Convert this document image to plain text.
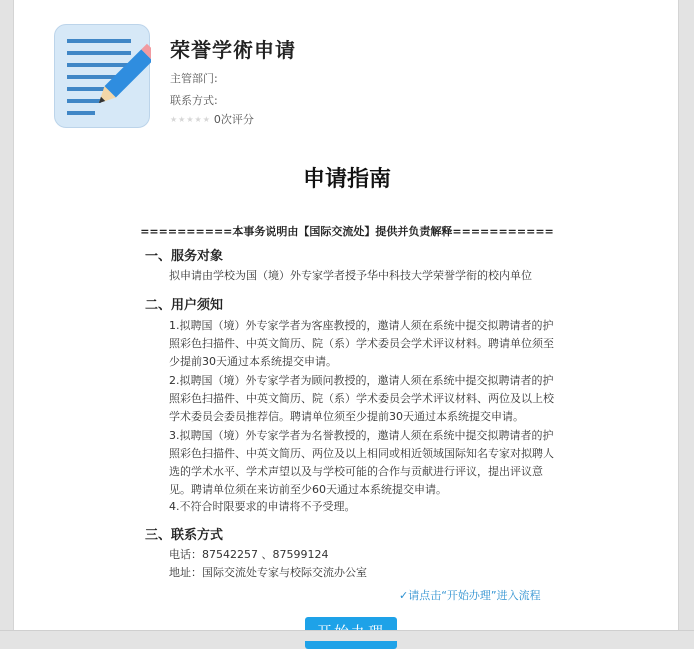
荣誉学術申请
主管部门:
联系方式:
★★★★★ 0次评分
申请指南
==========本事务说明由【国际交流处】提供并负责解释===========
一、服务对象
拟申请由学校为国（境）外专家学者授予华中科技大学荣誉学衔的校内单位
二、用户须知
1.拟聘国（境）外专家学者为客座教授的，邀请人须在系统中提交拟聘请者的护照彩色扫描件、中英文简历、院（系）学术委员会学术评议材料。聘请单位须至少提前30天通过本系统提交申请。
2.拟聘国（境）外专家学者为顾问教授的，邀请人须在系统中提交拟聘请者的护照彩色扫描件、中英文简历、院（系）学术委员会学术评议材料、两位及以上校学术委员会委员推荐信。聘请单位须至少提前30天通过本系统提交申请。
3.拟聘国（境）外专家学者为名誉教授的，邀请人须在系统中提交拟聘请者的护照彩色扫描件、中英文简历、两位及以上相同或相近领域国际知名专家对拟聘人选的学术水平、学术声望以及与学校可能的合作与贡献进行评议，提出评议意见。聘请单位须在来访前至少60天通过本系统提交申请。
4.不符合时限要求的申请将不予受理。
三、联系方式
电话：87542257 、87599124
地址：国际交流处专家与校际交流办公室
✓请点击“开始办理”进入流程
